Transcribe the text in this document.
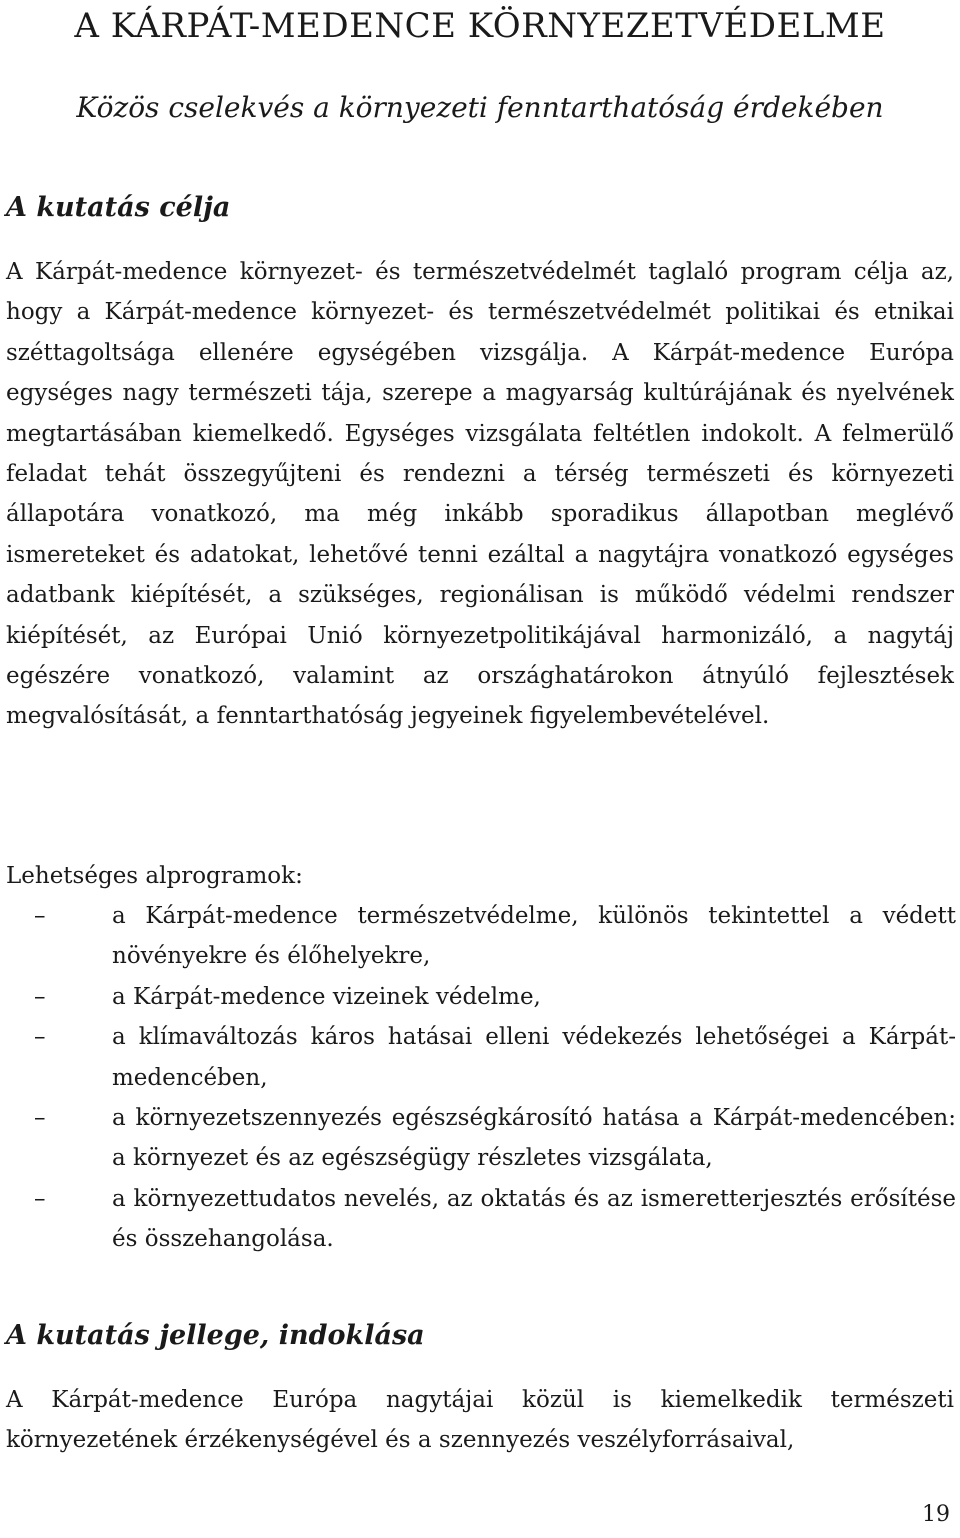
A KÁRPÁT-MEDENCE KÖRNYEZETVÉDELME
Közös cselekvés a környezeti fenntarthatóság érdekében
A kutatás célja

A Kárpát-medence környezet- és természetvédelmét taglaló program célja az, hogy a Kárpát-medence környezet- és természetvédelmét politikai és etnikai széttagoltsága ellenére egységében vizsgálja. A Kárpát-medence Európa egységes nagy természeti tája, szerepe a magyarság kultúrájának és nyelvének megtartásában kiemelkedő. Egységes vizsgálata feltétlen indokolt. A felmerülő feladat tehát összegyűjteni és rendezni a térség természeti és környezeti állapotára vonatkozó, ma még inkább sporadikus állapotban meglévő ismereteket és adatokat, lehetővé tenni ezáltal a nagytájra vonatkozó egységes adatbank kiépítését, a szükséges, regionálisan is működő védelmi rendszer kiépítését, az Európai Unió környezetpolitikájával harmonizáló, a nagytáj egészére vonatkozó, valamint az országhatárokon átnyúló fejlesztések megvalósítását, a fenntarthatóság jegyeinek figyelembevételével.

Lehetséges alprogramok:

–	a Kárpát-medence természetvédelme, különös tekintettel a védett növényekre és élőhelyekre,
–	a Kárpát-medence vizeinek védelme,
–	a klímaváltozás káros hatásai elleni védekezés lehetőségei a Kárpát-medencében,
–	a környezetszennyezés egészségkárosító hatása a Kárpát-medencében: a környezet és az egészségügy részletes vizsgálata,
–	a környezettudatos nevelés, az oktatás és az ismeretterjesztés erősítése és összehangolása.
A kutatás jellege, indoklása

A Kárpát-medence Európa nagytájai közül is kiemelkedik természeti környezetének érzékenységével és a szennyezés veszélyforrásaival,

19
